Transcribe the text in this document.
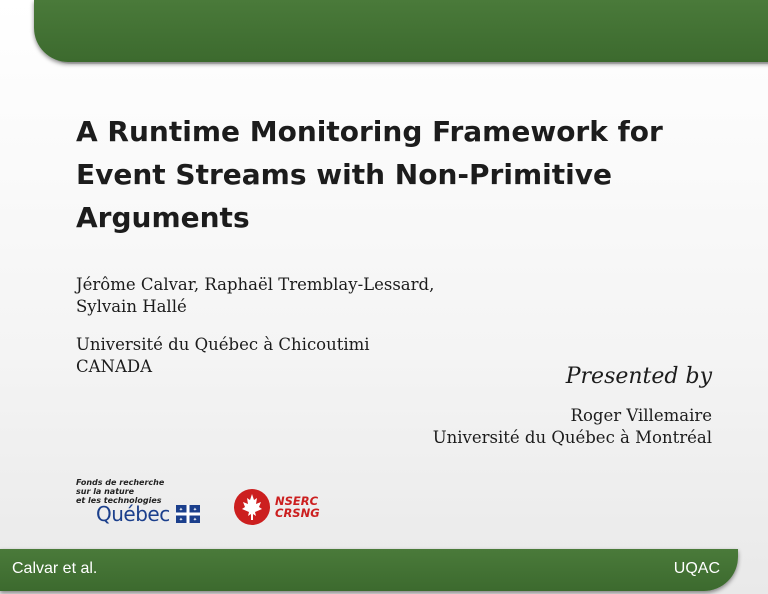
A Runtime Monitoring Framework for Event Streams with Non-Primitive Arguments
Jérôme Calvar, Raphaël Tremblay-Lessard, Sylvain Hallé
Université du Québec à Chicoutimi
CANADA	Presented by
Roger Villemaire
Université du Québec à Montréal
Fonds de recherche
sur la nature
et les technologies
Québec ✦ ✦
✦ ✦
NSERC
CRSNG
Calvar et al.	UQAC
